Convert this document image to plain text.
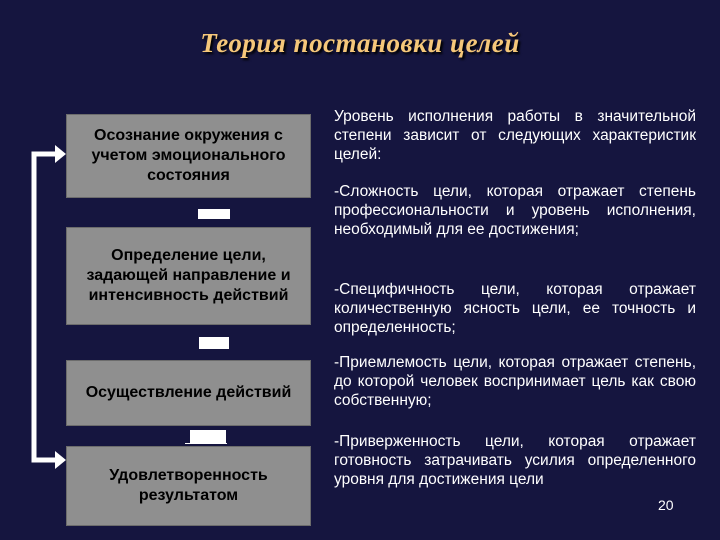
Теория постановки целей
Осознание окружения с учетом эмоционального состояния
Определение цели, задающей направление и интенсивность действий
Осуществление действий
Удовлетворенность результатом
Уровень исполнения работы в значительной степени зависит от следующих характеристик целей:
-Сложность цели, которая отражает степень профессиональности и уровень исполнения, необходимый для ее достижения;
-Специфичность цели, которая отражает количественную ясность цели, ее точность и определенность;
-Приемлемость цели, которая отражает степень, до которой человек воспринимает цель как свою собственную;
-Приверженность цели, которая отражает готовность затрачивать усилия определенного уровня для достижения цели
20
